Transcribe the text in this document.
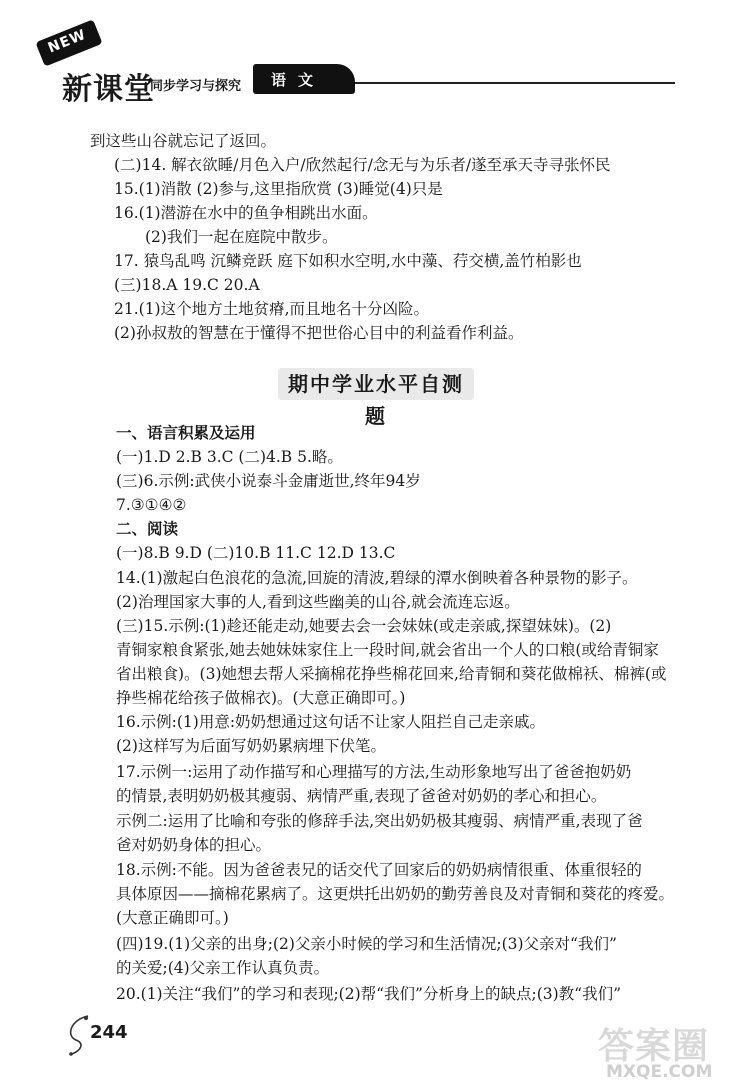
NEW
新课堂
同步学习与探究 语文
到这些山谷就忘记了返回。
(二)14. 解衣欲睡/月色入户/欣然起行/念无与为乐者/遂至承天寺寻张怀民
15.(1)消散 (2)参与,这里指欣赏 (3)睡觉(4)只是
16.(1)潜游在水中的鱼争相跳出水面。
(2)我们一起在庭院中散步。
17. 猿鸟乱鸣 沉鳞竞跃 庭下如积水空明,水中藻、荇交横,盖竹柏影也
(三)18.A 19.C 20.A
21.(1)这个地方土地贫瘠,而且地名十分凶险。
(2)孙叔敖的智慧在于懂得不把世俗心目中的利益看作利益。
期中学业水平自测题
一、语言积累及运用
(一)1.D 2.B 3.C (二)4.B 5.略。
(三)6.示例:武侠小说泰斗金庸逝世,终年94岁
7.③①④②
二、阅读
(一)8.B 9.D (二)10.B 11.C 12.D 13.C
14.(1)激起白色浪花的急流,回旋的清波,碧绿的潭水倒映着各种景物的影子。
(2)治理国家大事的人,看到这些幽美的山谷,就会流连忘返。
(三)15.示例:(1)趁还能走动,她要去会一会妹妹(或走亲戚,探望妹妹)。(2)
青铜家粮食紧张,她去她妹妹家住上一段时间,就会省出一个人的口粮(或给青铜家
省出粮食)。(3)她想去帮人采摘棉花挣些棉花回来,给青铜和葵花做棉袄、棉裤(或
挣些棉花给孩子做棉衣)。(大意正确即可。)
16.示例:(1)用意:奶奶想通过这句话不让家人阻拦自己走亲戚。
(2)这样写为后面写奶奶累病埋下伏笔。
17.示例一:运用了动作描写和心理描写的方法,生动形象地写出了爸爸抱奶奶
的情景,表明奶奶极其瘦弱、病情严重,表现了爸爸对奶奶的孝心和担心。
示例二:运用了比喻和夸张的修辞手法,突出奶奶极其瘦弱、病情严重,表现了爸
爸对奶奶身体的担心。
18.示例:不能。因为爸爸表兄的话交代了回家后的奶奶病情很重、体重很轻的
具体原因——摘棉花累病了。这更烘托出奶奶的勤劳善良及对青铜和葵花的疼爱。
(大意正确即可。)
(四)19.(1)父亲的出身;(2)父亲小时候的学习和生活情况;(3)父亲对“我们”
的关爱;(4)父亲工作认真负责。
20.(1)关注“我们”的学习和表现;(2)帮“我们”分析身上的缺点;(3)教“我们”
244	答案圈
MXQE.COM
